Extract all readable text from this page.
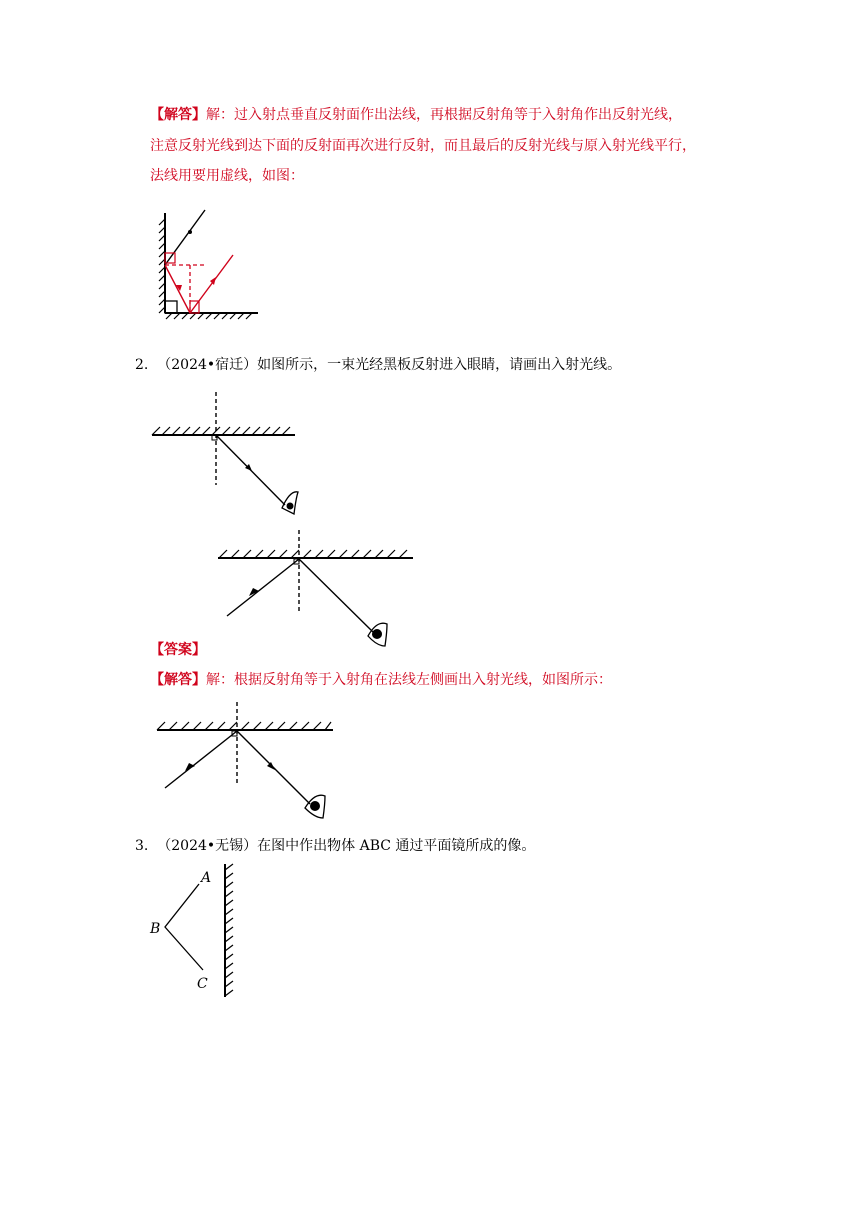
【解答】解：过入射点垂直反射面作出法线，再根据反射角等于入射角作出反射光线，
注意反射光线到达下面的反射面再次进行反射，而且最后的反射光线与原入射光线平行，
法线用要用虚线，如图：
2. （2024•宿迁）如图所示，一束光经黑板反射进入眼睛，请画出入射光线。
【答案】
【解答】解：根据反射角等于入射角在法线左侧画出入射光线，如图所示：
3. （2024•无锡）在图中作出物体 ABC 通过平面镜所成的像。
A
B
C
